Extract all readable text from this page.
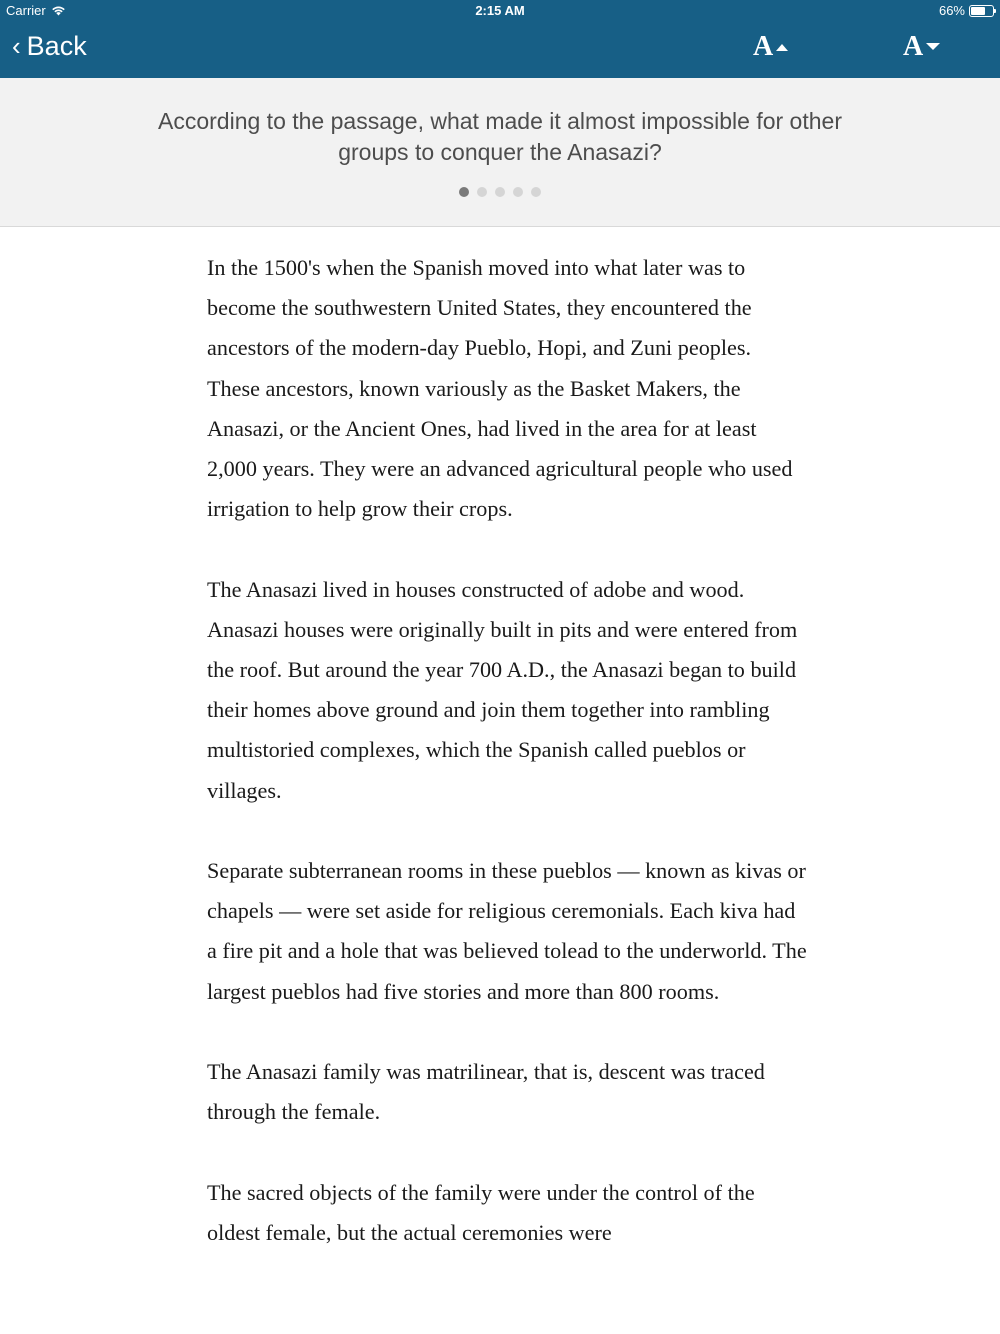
Carrier	2:15 AM	66%
‹ Back	A	A
According to the passage, what made it almost impossible for other groups to conquer the Anasazi?

In the 1500's when the Spanish moved into what later was to become the southwestern United States, they encountered the ancestors of the modern-day Pueblo, Hopi, and Zuni peoples. These ancestors, known variously as the Basket Makers, the Anasazi, or the Ancient Ones, had lived in the area for at least 2,000 years. They were an advanced agricultural people who used irrigation to help grow their crops.

The Anasazi lived in houses constructed of adobe and wood. Anasazi houses were originally built in pits and were entered from the roof. But around the year 700 A.D., the Anasazi began to build their homes above ground and join them together into rambling multistoried complexes, which the Spanish called pueblos or villages.

Separate subterranean rooms in these pueblos — known as kivas or chapels — were set aside for religious ceremonials. Each kiva had a fire pit and a hole that was believed tolead to the underworld. The largest pueblos had five stories and more than 800 rooms.

The Anasazi family was matrilinear, that is, descent was traced through the female.

The sacred objects of the family were under the control of the oldest female, but the actual ceremonies were
